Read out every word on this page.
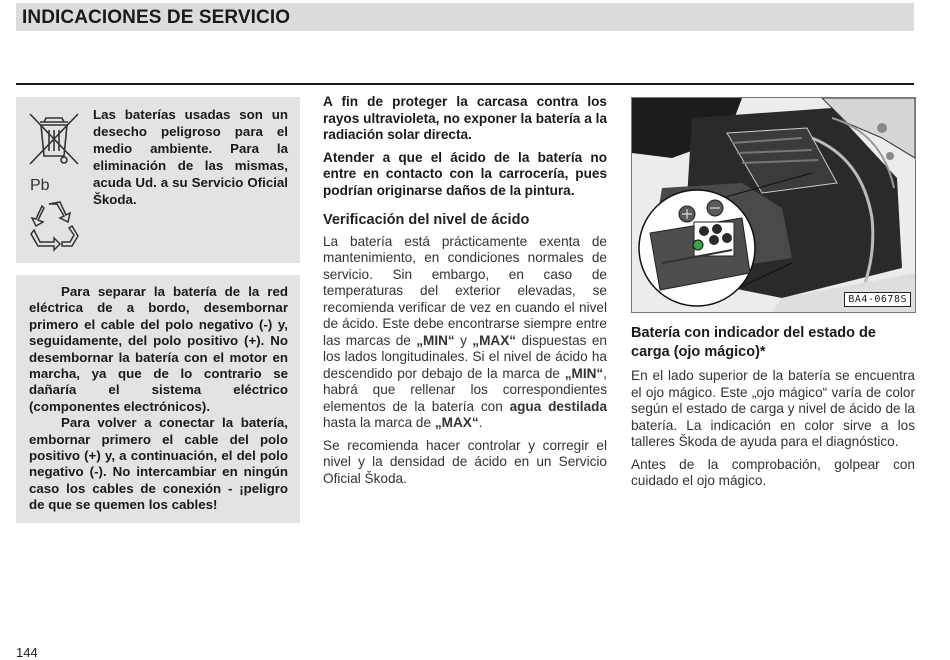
INDICACIONES DE SERVICIO
Las baterías usadas son un desecho peligroso para el medio ambiente. Para la eliminación de las mismas, acuda Ud. a su Servicio Oficial Škoda.
Pb

Para separar la batería de la red eléctrica de a bordo, desembornar primero el cable del polo negativo (-) y, seguidamente, del polo positivo (+). No desembornar la batería con el motor en marcha, ya que de lo contrario se dañaría el sistema eléctrico (componentes electrónicos).

Para volver a conectar la batería, embornar primero el cable del polo positivo (+) y, a continuación, el del polo negativo (-). No intercambiar en ningún caso los cables de conexión - ¡peligro de que se quemen los cables!

A fin de proteger la carcasa contra los rayos ultravioleta, no exponer la batería a la radiación solar directa.

Atender a que el ácido de la batería no entre en contacto con la carrocería, pues podrían originarse daños de la pintura.

Verificación del nivel de ácido

La batería está prácticamente exenta de mantenimiento, en condiciones normales de servicio. Sin embargo, en caso de temperaturas del exterior elevadas, se recomienda verificar de vez en cuando el nivel de ácido. Este debe encontrarse siempre entre las marcas de „MIN“ y „MAX“ dispuestas en los lados longitudinales. Si el nivel de ácido ha descendido por debajo de la marca de „MIN“, habrá que rellenar los correspondientes elementos de la batería con agua destilada hasta la marca de „MAX“.

Se recomienda hacer controlar y corregir el nivel y la densidad de ácido en un Servicio Oficial Škoda.

BA4-0678S
Batería con indicador del estado de carga (ojo mágico)*

En el lado superior de la batería se encuentra el ojo mágico. Este „ojo mágico“ varía de color según el estado de carga y nivel de ácido de la batería. La indicación en color sirve a los talleres Škoda de ayuda para el diagnóstico.

Antes de la comprobación, golpear con cuidado el ojo mágico.

144
